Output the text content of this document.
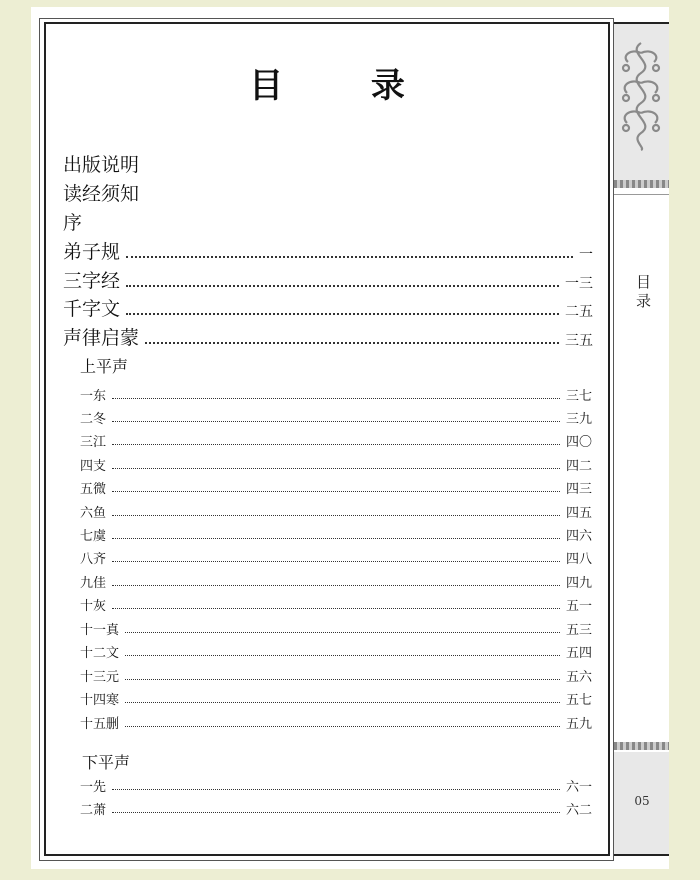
目录
05
目 录
出版说明
读经须知
序
弟子规	一
三字经	一三
千字文	二五
声律启蒙	三五
上平声
一东	三七
二冬	三九
三江	四〇
四支	四二
五微	四三
六鱼	四五
七虞	四六
八齐	四八
九佳	四九
十灰	五一
十一真	五三
十二文	五四
十三元	五六
十四寒	五七
十五删	五九
下平声
一先	六一
二萧	六二
